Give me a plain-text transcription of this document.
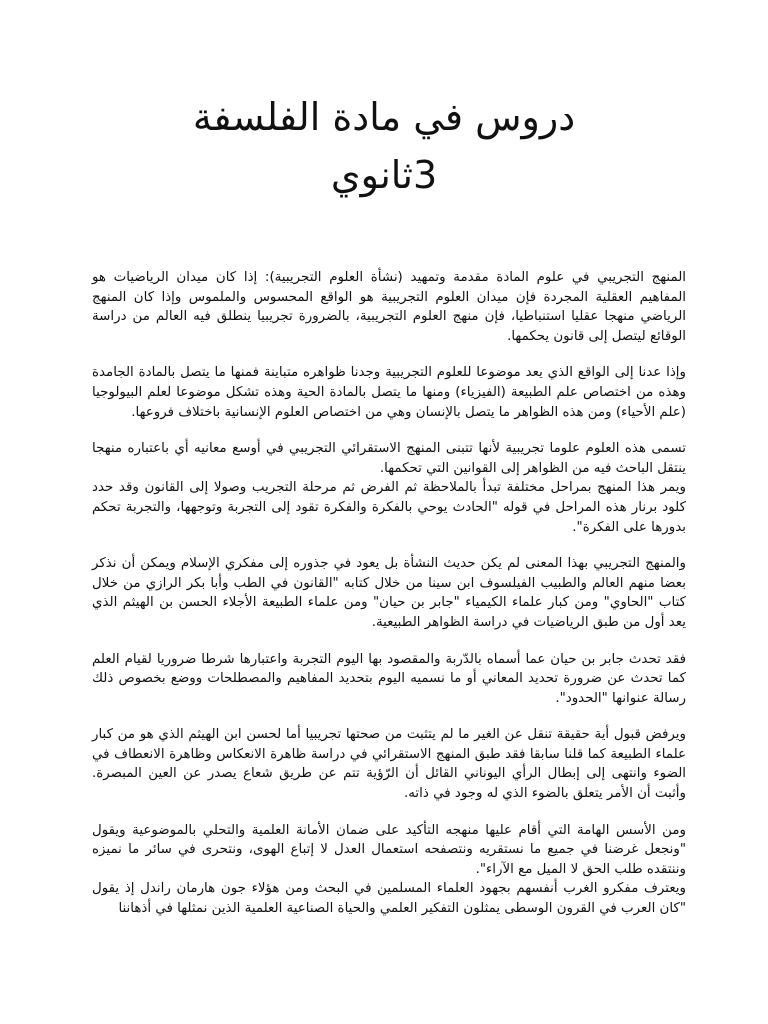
دروس في مادة الفلسفة
3ثانوي

المنهج التجريبي في علوم المادة مقدمة وتمهيد (نشأة العلوم التجريبية): إذا كان ميدان الرياضيات هو المفاهيم العقلية المجردة فإن ميدان العلوم التجريبية هو الواقع المحسوس والملموس وإذا كان المنهج الرياضي منهجا عقليا استنباطيا، فإن منهج العلوم التجريبية، بالضرورة تجريبيا ينطلق فيه العالم من دراسة الوقائع ليتصل إلى قانون يحكمها.

وإذا عدنا إلى الواقع الذي يعد موضوعا للعلوم التجريبية وجدنا ظواهره متباينة فمنها ما يتصل بالمادة الجامدة وهذه من اختصاص علم الطبيعة (الفيزياء) ومنها ما يتصل بالمادة الحية وهذه تشكل موضوعا لعلم البيولوجيا (علم الأحياء) ومن هذه الظواهر ما يتصل بالإنسان وهي من اختصاص العلوم الإنسانية باختلاف فروعها.

تسمى هذه العلوم علوما تجريبية لأنها تتبنى المنهج الاستقرائي التجريبي في أوسع معانيه أي باعتباره منهجا ينتقل الباحث فيه من الظواهر إلى القوانين التي تحكمها.

ويمر هذا المنهج بمراحل مختلفة تبدأ بالملاحظة ثم الفرض ثم مرحلة التجريب وصولا إلى القانون وقد حدد كلود برنار هذه المراحل في قوله "الحادث يوحي بالفكرة والفكرة تقود إلى التجربة وتوجهها، والتجربة تحكم بدورها على الفكرة".

والمنهج التجريبي بهذا المعنى لم يكن حديث النشأة بل يعود في جذوره إلى مفكري الإسلام ويمكن أن نذكر بعضا منهم العالم والطبيب الفيلسوف ابن سينا من خلال كتابه "القانون في الطب وأبا بكر الرازي من خلال كتاب "الحاوي" ومن كبار علماء الكيمياء "جابر بن حيان" ومن علماء الطبيعة الأجلاء الحسن بن الهيثم الذي يعد أول من طبق الرياضيات في دراسة الظواهر الطبيعية.

فقد تحدث جابر بن حيان عما أسماه بالدّربة والمقصود بها اليوم التجربة واعتبارها شرطا ضروريا لقيام العلم كما تحدث عن ضرورة تحديد المعاني أو ما نسميه اليوم بتحديد المفاهيم والمصطلحات ووضع بخصوص ذلك رسالة عنوانها "الحدود".

ويرفض قبول أية حقيقة تنقل عن الغير ما لم يتثبت من صحتها تجريبيا أما لحسن ابن الهيثم الذي هو من كبار علماء الطبيعة كما قلنا سابقا فقد طبق المنهج الاستقرائي في دراسة ظاهرة الانعكاس وظاهرة الانعطاف في الضوء وانتهى إلى إبطال الرأي اليوناني القائل أن الرّؤية تتم عن طريق شعاع يصدر عن العين المبصرة. وأثبت أن الأمر يتعلق بالضوء الذي له وجود في ذاته.

ومن الأسس الهامة التي أقام عليها منهجه التأكيد على ضمان الأمانة العلمية والتحلي بالموضوعية ويقول "ونجعل غرضنا في جميع ما نستقريه ونتصفحه استعمال العدل لا إتباع الهوى، ونتحرى في سائر ما نميزه وننتقده طلب الحق لا الميل مع الآراء".

ويعترف مفكرو الغرب أنفسهم بجهود العلماء المسلمين في البحث ومن هؤلاء جون هارمان راندل إذ يقول "كان العرب في القرون الوسطى يمثلون التفكير العلمي والحياة الصناعية العلمية الذين نمثلها في أذهاننا
